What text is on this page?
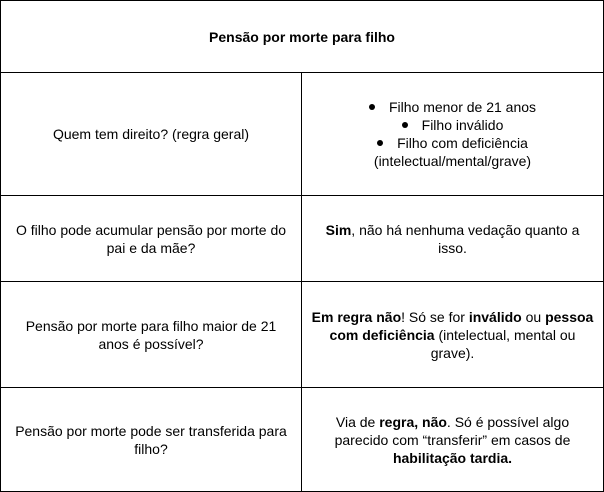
Pensão por morte para filho
Quem tem direito? (regra geral)
Filho menor de 21 anos
Filho inválido
Filho com deficiência
(intelectual/mental/grave)
O filho pode acumular pensão por morte do pai e da mãe?
Sim, não há nenhuma vedação quanto a isso.
Pensão por morte para filho maior de 21 anos é possível?
Em regra não! Só se for inválido ou pessoa com deficiência (intelectual, mental ou grave).
Pensão por morte pode ser transferida para filho?
Via de regra, não. Só é possível algo parecido com “transferir” em casos de habilitação tardia.
